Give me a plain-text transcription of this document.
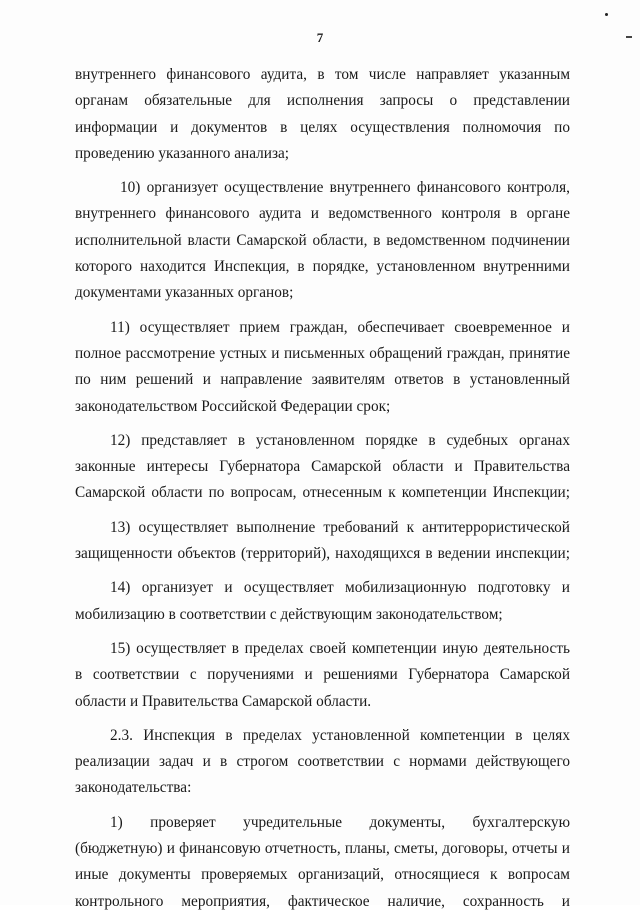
7
внутреннего финансового аудита, в том числе направляет указанным
органам обязательные для исполнения запросы о представлении
информации и документов в целях осуществления полномочия по
проведению указанного анализа;
10) организует осуществление внутреннего финансового контроля,
внутреннего финансового аудита и ведомственного контроля в органе
исполнительной власти Самарской области, в ведомственном подчинении
которого находится Инспекция, в порядке, установленном внутренними
документами указанных органов;
11) осуществляет прием граждан, обеспечивает своевременное и
полное рассмотрение устных и письменных обращений граждан, принятие
по ним решений и направление заявителям ответов в установленный
законодательством Российской Федерации срок;
12) представляет в установленном порядке в судебных органах
законные интересы Губернатора Самарской области и Правительства
Самарской области по вопросам, отнесенным к компетенции Инспекции;
13) осуществляет выполнение требований к антитеррористической
защищенности объектов (территорий), находящихся в ведении инспекции;
14) организует и осуществляет мобилизационную подготовку и
мобилизацию в соответствии с действующим законодательством;
15) осуществляет в пределах своей компетенции иную деятельность
в соответствии с поручениями и решениями Губернатора Самарской
области и Правительства Самарской области.
2.3. Инспекция в пределах установленной компетенции в целях
реализации задач и в строгом соответствии с нормами действующего
законодательства:
1) проверяет учредительные документы, бухгалтерскую
(бюджетную) и финансовую отчетность, планы, сметы, договоры, отчеты и
иные документы проверяемых организаций, относящиеся к вопросам
контрольного мероприятия, фактическое наличие, сохранность и
